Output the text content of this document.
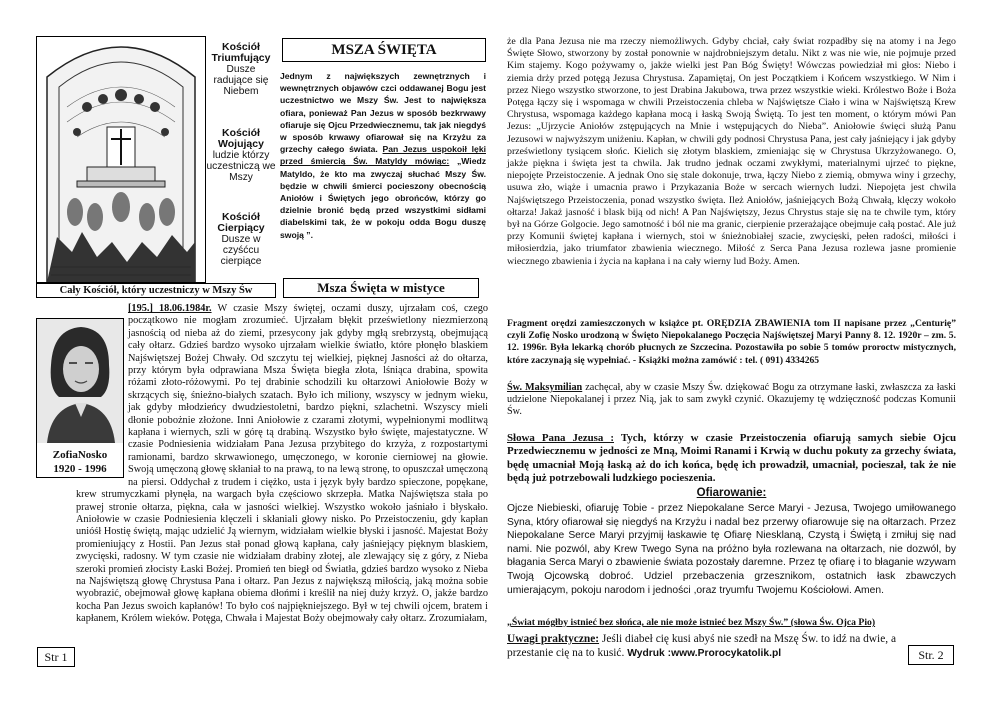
Kościół Triumfujący
Dusze radujące się Niebem
Kościół Wojujący
ludzie którzy uczestniczą we Mszy
Kościół Cierpiący
Dusze w czyśćcu cierpiące
Cały Kościół, który uczestniczy w Mszy Św
MSZA ŚWIĘTA
Jednym z największych zewnętrznych i wewnętrznych objawów czci oddawanej Bogu jest uczestnictwo we Mszy Św. Jest to największa ofiara, ponieważ Pan Jezus w sposób bezkrwawy ofiaruje się Ojcu Przedwiecznemu, tak jak niegdyś w sposób krwawy ofiarował się na Krzyżu za grzechy całego świata. Pan Jezus uspokoił lęki przed śmiercią Św. Matyldy mówiąc: „Wiedz Matyldo, że kto ma zwyczaj słuchać Mszy Św. będzie w chwili śmierci pocieszony obecnością Aniołów i Świętych jego obrońców, którzy go dzielnie bronić będą przed wszystkimi sidłami diabelskimi tak, że w pokoju odda Bogu duszę swoją ”.
Msza Święta w mistyce
ZofiaNosko
1920 - 1996
[195.] 18.06.1984r. W czasie Mszy świętej, oczami duszy, ujrzałam coś, czego początkowo nie mogłam zrozumieć. Ujrzałam błękit prześwietlony niezmierzoną jasnością od nieba aż do ziemi, przesycony jak gdyby mgłą srebrzystą, obejmującą cały ołtarz. Gdzieś bardzo wysoko ujrzałam wielkie światło, które płonęło blaskiem Najświętszej Bożej Chwały. Od szczytu tej wielkiej, pięknej Jasności aż do ołtarza, przy którym była odprawiana Msza Święta biegła złota, lśniąca drabina, spowita różami złoto-różowymi. Po tej drabinie schodzili ku ołtarzowi Aniołowie Boży w skrzących się, śnieżno-białych szatach. Było ich miliony, wszyscy w jednym wieku, jak gdyby młodzieńcy dwudziestoletni, bardzo piękni, szlachetni. Wszyscy mieli dłonie pobożnie złożone. Inni Aniołowie z czarami złotymi, wypełnionymi modlitwą kapłana i wiernych, szli w górę tą drabiną. Wszystko było święte, majestatyczne. W czasie Podniesienia widziałam Pana Jezusa przybitego do krzyża, z rozpostartymi ramionami, bardzo skrwawionego, umęczonego, w koronie cierniowej na głowie. Swoją umęczoną głowę skłaniał to na prawą, to na lewą stronę, to opuszczał umęczoną na piersi. Oddychał z trudem i ciężko, usta i język były bardzo spieczone, popękane, krew strumyczkami płynęła, na wargach była częściowo skrzepła. Matka Najświętsza stała po prawej stronie ołtarza, piękna, cała w jasności wielkiej. Wszystko wokoło jaśniało i błyskało. Aniołowie w czasie Podniesienia klęczeli i skłaniali głowy nisko. Po Przeistoczeniu, gdy kapłan unióśł Hostię świętą, mając udzielić Ją wiernym, widziałam wielkie błyski i jasność. Majestat Boży promieniujący z Hostii. Pan Jezus stał ponad głową kapłana, cały jaśniejący pięknym blaskiem, zwycięski, radosny. W tym czasie nie widziałam drabiny złotej, ale zlewający się z góry, z Nieba szeroki promień złocisty Łaski Bożej. Promień ten biegł od Światła, gdzieś bardzo wysoko z Nieba na Najświętszą głowę Chrystusa Pana i ołtarz. Pan Jezus z największą miłością, jaką można sobie wyobrazić, obejmował głowę kapłana obiema dłońmi i kreślił na niej duży krzyż. O, jakże bardzo kocha Pan Jezus swoich kapłanów! To było coś najpiękniejszego. Był w tej chwili ojcem, bratem i kapłanem, Królem wieków. Potęga, Chwała i Majestat Boży obejmowały cały ołtarz. Zrozumiałam,
Str 1
że dla Pana Jezusa nie ma rzeczy niemożliwych. Gdyby chciał, cały świat rozpadłby się na atomy i na Jego Święte Słowo, stworzony by został ponownie w najdrobniejszym detalu. Nikt z was nie wie, nie pojmuje przed Kim stajemy. Kogo pożywamy o, jakże wielki jest Pan Bóg Święty! Wówczas powiedział mi głos: Niebo i ziemia drży przed potęgą Jezusa Chrystusa. Zapamiętaj, On jest Początkiem i Końcem wszystkiego. W Nim i przez Niego wszystko stworzone, to jest Drabina Jakubowa, trwa przez wszystkie wieki. Królestwo Boże i Boża Potęga łączy się i wspomaga w chwili Przeistoczenia chleba w Najświętsze Ciało i wina w Najświętszą Krew Chrystusa, wspomaga każdego kapłana mocą i łaską Swoją Świętą. To jest ten moment, o którym mówi Pan Jezus: „Ujrzycie Aniołów zstępujących na Mnie i wstępujących do Nieba”. Aniołowie święci służą Panu Jezusowi w najwyższym uniżeniu. Kapłan, w chwili gdy podnosi Chrystusa Pana, jest cały jaśniejący i jak gdyby prześwietlony tysiącem słońc. Kielich się złotym blaskiem, zmieniając się w Chrystusa Ukrzyżowanego. O, jakże piękna i święta jest ta chwila. Jak trudno jednak oczami zwykłymi, materialnymi ujrzeć to piękne, niepojęte Przeistoczenie. A jednak Ono się stale dokonuje, trwa, łączy Niebo z ziemią, obmywa winy i grzechy, usuwa zło, wiąże i umacnia prawo i Przykazania Boże w sercach wiernych ludzi. Niepojęta jest chwila Najświętszego Przeistoczenia, ponad wszystko święta. Ileż Aniołów, jaśniejących Bożą Chwałą, klęczy wokoło ołtarza! Jakaż jasność i blask biją od nich! A Pan Najświętszy, Jezus Chrystus staje się na te chwile tym, który był na Górze Golgocie. Jego samotność i ból nie ma granic, cierpienie przerażające obejmuje całą postać. Ale już przy Komunii świętej kapłana i wiernych, stoi w śnieżnobiałej szacie, zwycięski, pełen radości, miłości i miłosierdzia, jako triumfator zbawienia wiecznego. Miłość z Serca Pana Jezusa rozlewa jasne promienie wiecznego zbawienia i życia na kapłana i na cały wierny lud Boży. Amen.
Fragment orędzi zamieszczonych w książce pt. ORĘDZIA ZBAWIENIA tom II napisane przez „Centurię” czyli Zofię Nosko urodzoną w Święto Niepokalanego Poczęcia Najświętszej Maryi Panny 8. 12. 1920r – zm. 5. 12. 1996r. Była lekarką chorób płucnych ze Szczecina. Pozostawiła po sobie 5 tomów proroctw mistycznych, które zaczynają się wypełniać. - Książki można zamówić : tel. ( 091) 4334265
Św. Maksymilian zachęcał, aby w czasie Mszy Św. dziękować Bogu za otrzymane łaski, zwłaszcza za łaski udzielone Niepokalanej i przez Nią, jak to sam zwykł czynić. Okazujemy tę wdzięczność podczas Komunii Św.
Słowa Pana Jezusa : Tych, którzy w czasie Przeistoczenia ofiarują samych siebie Ojcu Przedwiecznemu w jedności ze Mną, Moimi Ranami i Krwią w duchu pokuty za grzechy świata, będę umacniał Moją łaską aż do ich końca, będę ich prowadził, umacniał, pocieszał, tak że nie będą już potrzebowali ludzkiego pocieszenia.
Ofiarowanie:
Ojcze Niebieski, ofiaruję Tobie - przez Niepokalane Serce Maryi - Jezusa, Twojego umiłowanego Syna, który ofiarował się niegdyś na Krzyżu i nadal bez przerwy ofiarowuje się na ołtarzach. Przez Niepokalane Serce Maryi przyjmij łaskawie tę Ofiarę Niesklaną, Czystą i Świętą i zmiłuj się nad nami. Nie pozwól, aby Krew Twego Syna na próżno była rozlewana na ołtarzach, nie dozwól, by błagania Serca Maryi o zbawienie świata pozostały daremne. Przez tę ofiarę i to błaganie wzywam Twoją Ojcowską dobroć. Udziel przebaczenia grzesznikom, ostatnich łask zbawczych umierającym, pokoju narodom i jedności ,oraz tryumfu Twojemu Kościołowi. Amen.
„Świat mógłby istnieć bez słońca, ale nie może istnieć bez Mszy Św.” (słowa Św. Ojca Pio)
Uwagi praktyczne: Jeśli diabeł cię kusi abyś nie szedł na Mszę Św. to idź na dwie, a przestanie cię na to kusić. Wydruk :www.Prorocykatolik.pl	Str. 2
